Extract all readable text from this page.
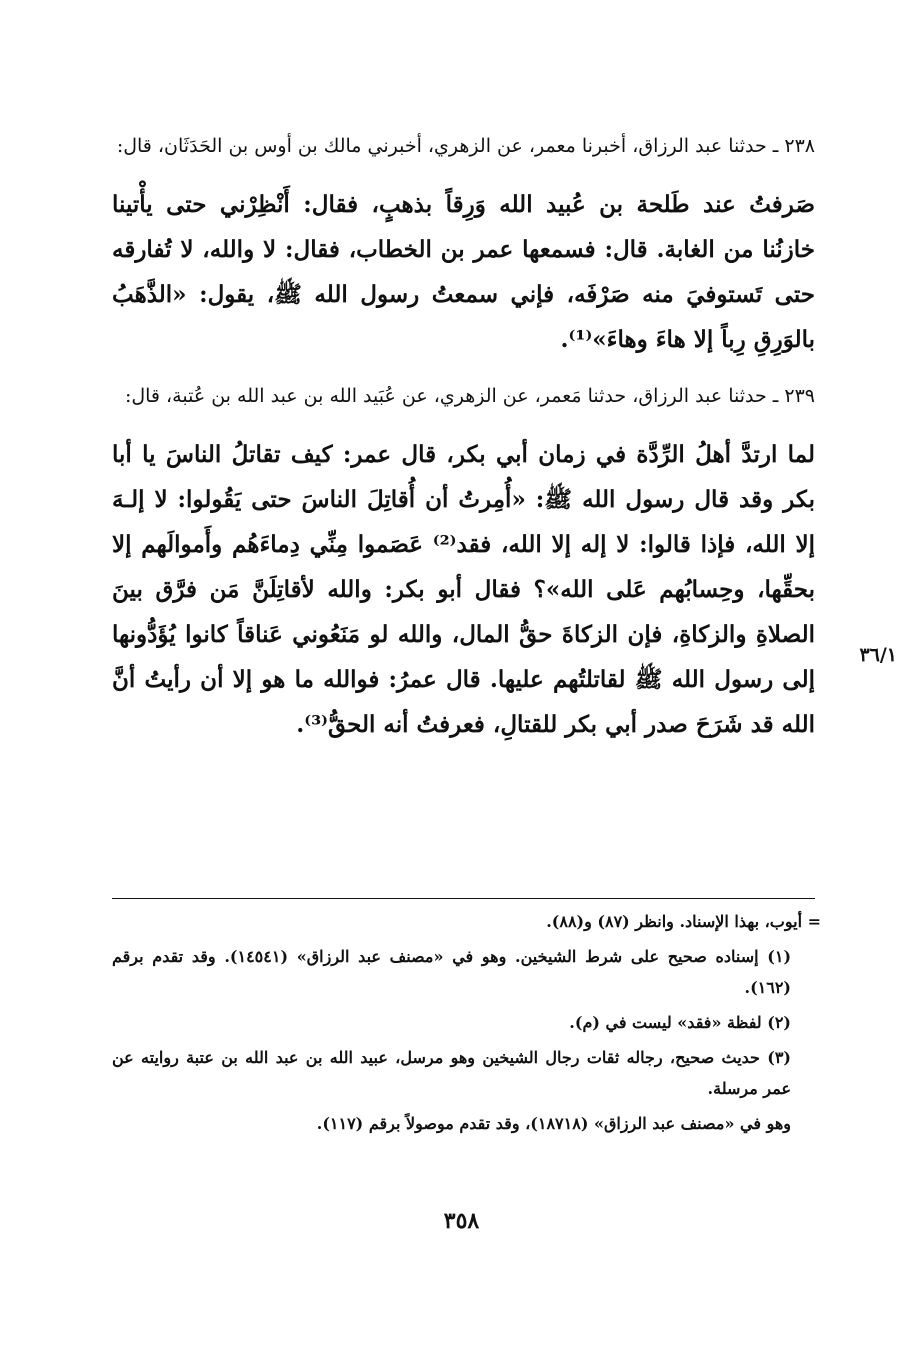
٢٣٨ ـ حدثنا عبد الرزاق، أخبرنا معمر، عن الزهري، أخبرني مالك بن أوس بن الحَدَثَان، قال:

صَرفتُ عند طَلحة بن عُبيد الله وَرِقاً بذهبٍ، فقال: أَنْظِرْني حتى يأْتينا خازنُنا من الغابة. قال: فسمعها عمر بن الخطاب، فقال: لا والله، لا تُفارقه حتى تَستوفيَ منه صَرْفَه، فإني سمعتُ رسول الله ﷺ، يقول: «الذَّهَبُ بالوَرِقِ رِباً إلا هاءَ وهاءَ»⁽¹⁾.

٢٣٩ ـ حدثنا عبد الرزاق، حدثنا مَعمر، عن الزهري، عن عُبَيد الله بن عبد الله بن عُتبة، قال:

لما ارتدَّ أهلُ الرِّدَّة في زمان أبي بكر، قال عمر: كيف تقاتلُ الناسَ يا أبا بكر وقد قال رسول الله ﷺ: «أُمِرتُ أن أُقاتِلَ الناسَ حتى يَقُولوا: لا إلـهَ إلا الله، فإذا قالوا: لا إله إلا الله، فقد⁽²⁾ عَصَموا مِنِّي دِماءَهُم وأَموالَهم إلا بحقِّها، وحِسابُهم عَلى الله»؟ فقال أبو بكر: والله لأقاتِلَنَّ مَن فرَّق بينَ الصلاةِ والزكاةِ، فإن الزكاةَ حقُّ المال، والله لو مَنَعُوني عَناقاً كانوا يُؤَدُّونها إلى رسول الله ﷺ لقاتلتُهم عليها. قال عمرُ: فوالله ما هو إلا أن رأيتُ أنَّ الله قد شَرَحَ صدر أبي بكر للقتالِ، فعرفتُ أنه الحقُّ⁽³⁾.

٣٦/١

= أيوب، بهذا الإسناد. وانظر (٨٧) و(٨٨).

(١) إسناده صحيح على شرط الشيخين. وهو في «مصنف عبد الرزاق» (١٤٥٤١). وقد تقدم برقم (١٦٢).

(٢) لفظة «فقد» ليست في (م).

(٣) حديث صحيح، رجاله ثقات رجال الشيخين وهو مرسل، عبيد الله بن عبد الله بن عتبة روايته عن عمر مرسلة.

وهو في «مصنف عبد الرزاق» (١٨٧١٨)، وقد تقدم موصولاً برقم (١١٧).

٣٥٨
